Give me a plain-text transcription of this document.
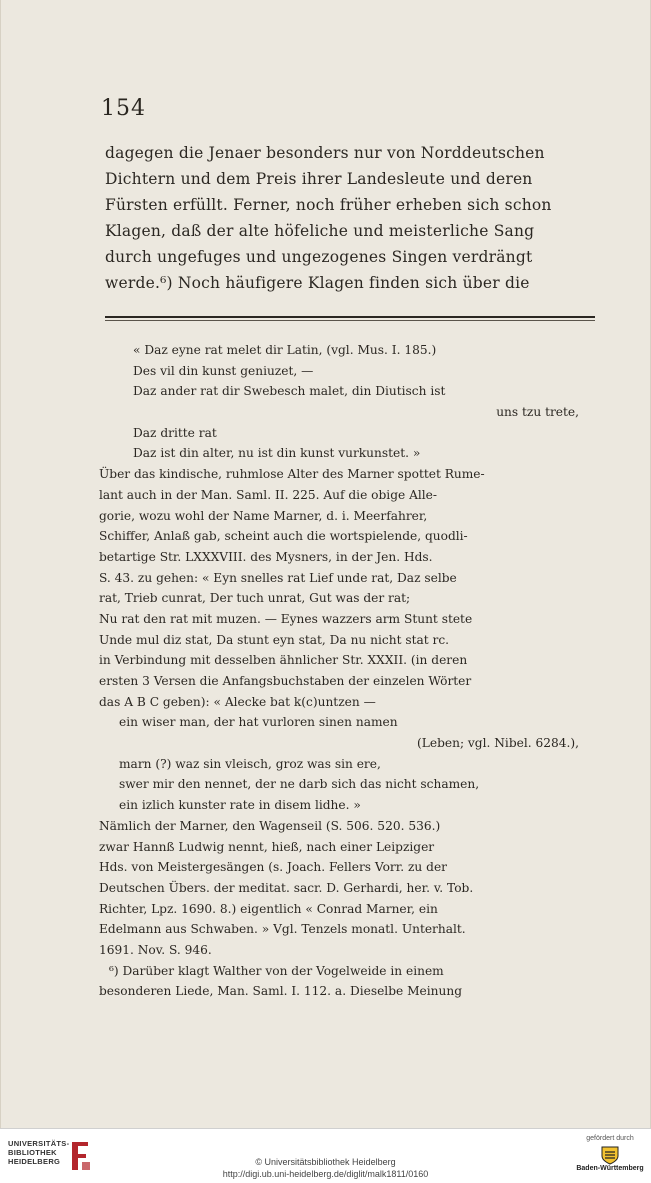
154
dagegen die Jenaer besonders nur von Norddeutschen
Dichtern und dem Preis ihrer Landesleute und deren
Fürsten erfüllt. Ferner, noch früher erheben sich schon
Klagen, daß der alte höfeliche und meisterliche Sang
durch ungefuges und ungezogenes Singen verdrängt
werde.⁶) Noch häufigere Klagen finden sich über die
« Daz eyne rat melet dir Latin, (vgl. Mus. I. 185.)
Des vil din kunst geniuzet, —
Daz ander rat dir Swebesch malet, din Diutisch ist
uns tzu trete,
Daz dritte rat
Daz ist din alter, nu ist din kunst vurkunstet. »
Über das kindische, ruhmlose Alter des Marner spottet Rume-
lant auch in der Man. Saml. II. 225. Auf die obige Alle-
gorie, wozu wohl der Name Marner, d. i. Meerfahrer,
Schiffer, Anlaß gab, scheint auch die wortspielende, quodli-
betartige Str. LXXXVIII. des Mysners, in der Jen. Hds.
S. 43. zu gehen: « Eyn snelles rat Lief unde rat, Daz selbe
rat, Trieb cunrat, Der tuch unrat, Gut was der rat;
Nu rat den rat mit muzen. — Eynes wazzers arm Stunt stete
Unde mul diz stat, Da stunt eyn stat, Da nu nicht stat rc.
in Verbindung mit desselben ähnlicher Str. XXXII. (in deren
ersten 3 Versen die Anfangsbuchstaben der einzelen Wörter
das A B C geben): « Alecke bat k(c)untzen —
ein wiser man, der hat vurloren sinen namen
(Leben; vgl. Nibel. 6284.),
marn (?) waz sin vleisch, groz was sin ere,
swer mir den nennet, der ne darb sich das nicht schamen,
ein izlich kunster rate in disem lidhe. »
Nämlich der Marner, den Wagenseil (S. 506. 520. 536.)
zwar Hannß Ludwig nennt, hieß, nach einer Leipziger
Hds. von Meistergesängen (s. Joach. Fellers Vorr. zu der
Deutschen Übers. der meditat. sacr. D. Gerhardi, her. v. Tob.
Richter, Lpz. 1690. 8.) eigentlich « Conrad Marner, ein
Edelmann aus Schwaben. » Vgl. Tenzels monatl. Unterhalt.
1691. Nov. S. 946.
⁶) Darüber klagt Walther von der Vogelweide in einem
besonderen Liede, Man. Saml. I. 112. a. Dieselbe Meinung
UNIVERSITÄTS-
BIBLIOTHEK
HEIDELBERG	© Universitätsbibliothek Heidelberg
http://digi.ub.uni-heidelberg.de/diglit/malk1811/0160
gefördert durch
Baden-Württemberg
